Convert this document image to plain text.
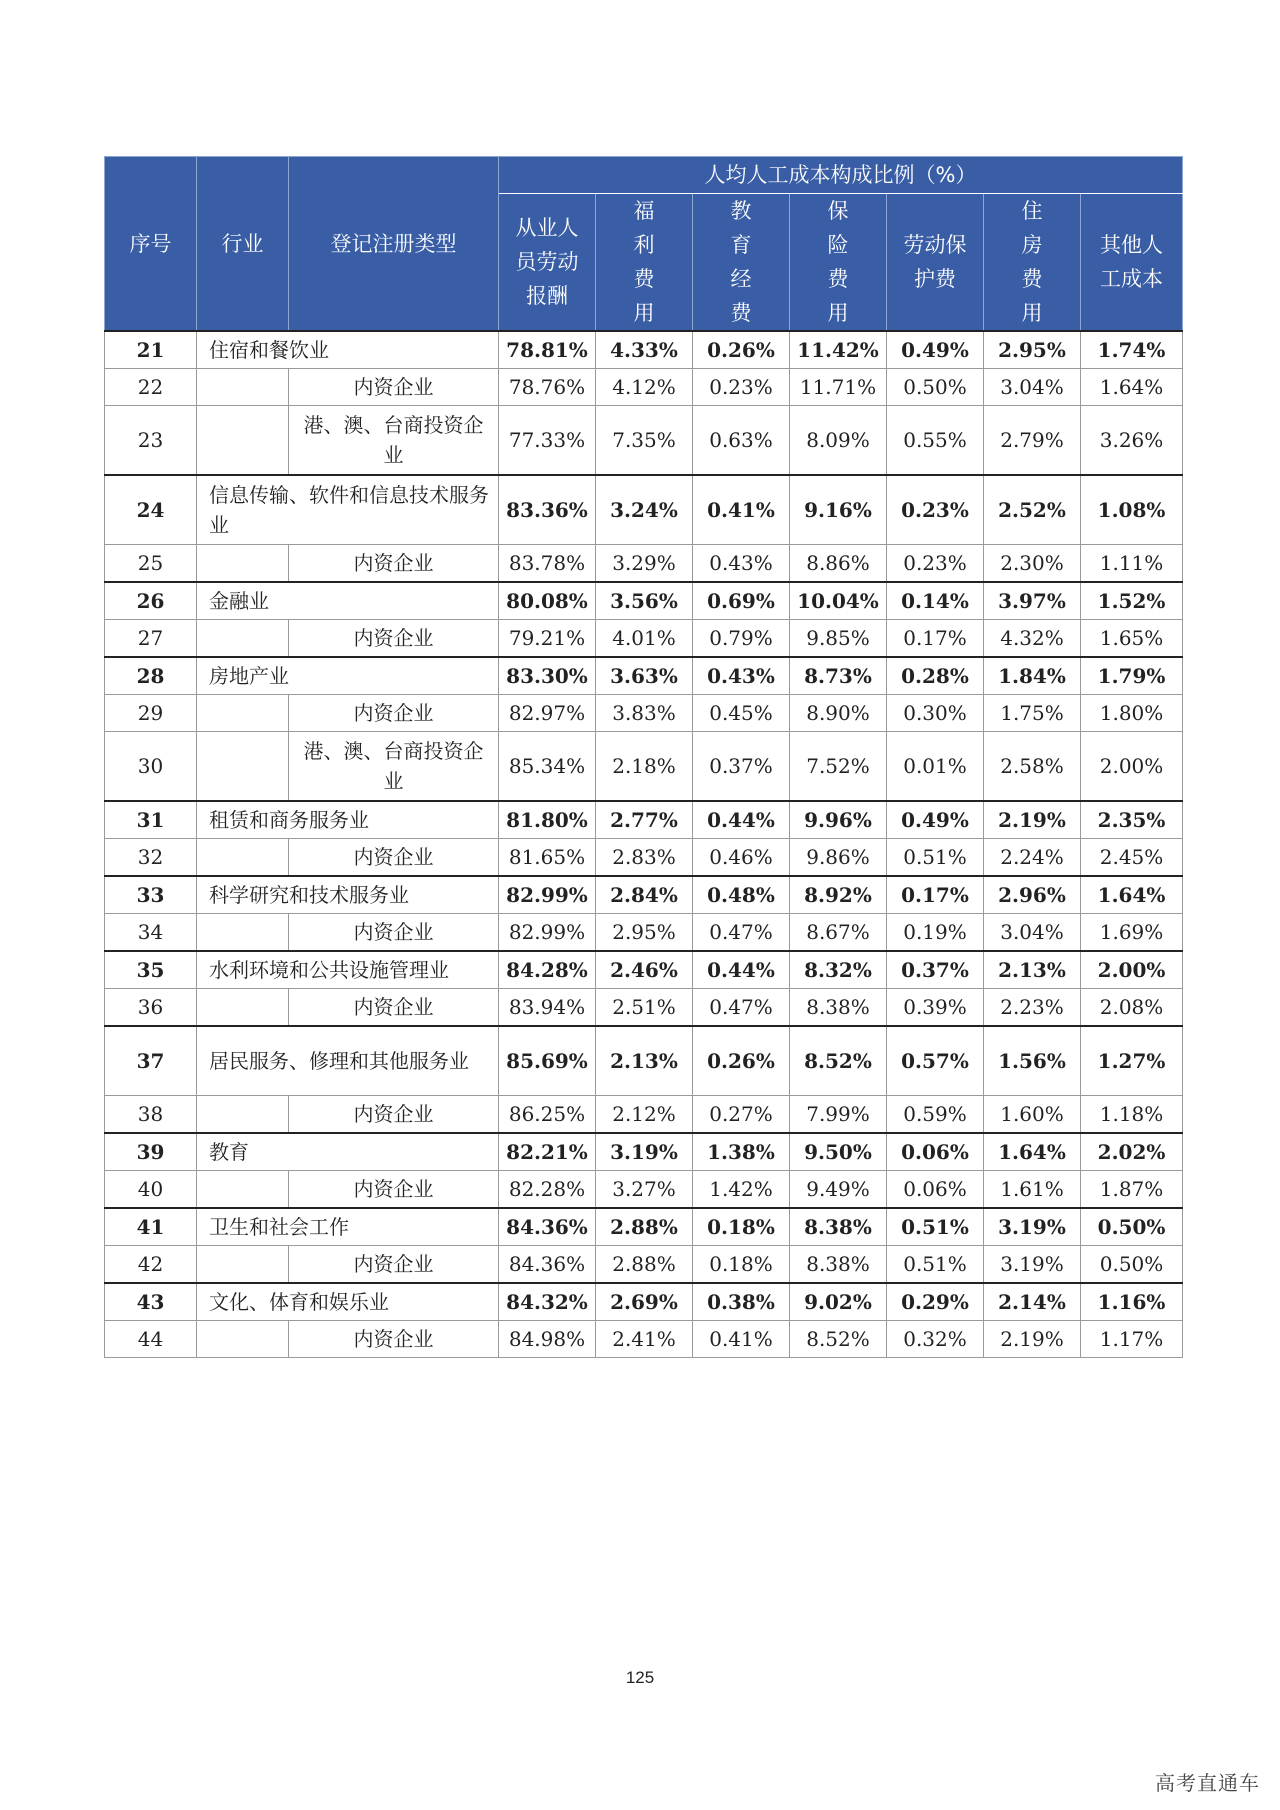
序号	行业	登记注册类型	人均人工成本构成比例（%）						
			从业人员劳动报酬	福利费用	教育经费	保险费用	劳动保护费	住房费用	其他人工成本
21	住宿和餐饮业		78.81%	4.33%	0.26%	11.42%	0.49%	2.95%	1.74%
22		内资企业	78.76%	4.12%	0.23%	11.71%	0.50%	3.04%	1.64%
23		港、澳、台商投资企业	77.33%	7.35%	0.63%	8.09%	0.55%	2.79%	3.26%
24	信息传输、软件和信息技术服务业		83.36%	3.24%	0.41%	9.16%	0.23%	2.52%	1.08%
25		内资企业	83.78%	3.29%	0.43%	8.86%	0.23%	2.30%	1.11%
26	金融业		80.08%	3.56%	0.69%	10.04%	0.14%	3.97%	1.52%
27		内资企业	79.21%	4.01%	0.79%	9.85%	0.17%	4.32%	1.65%
28	房地产业		83.30%	3.63%	0.43%	8.73%	0.28%	1.84%	1.79%
29		内资企业	82.97%	3.83%	0.45%	8.90%	0.30%	1.75%	1.80%
30		港、澳、台商投资企业	85.34%	2.18%	0.37%	7.52%	0.01%	2.58%	2.00%
31	租赁和商务服务业		81.80%	2.77%	0.44%	9.96%	0.49%	2.19%	2.35%
32		内资企业	81.65%	2.83%	0.46%	9.86%	0.51%	2.24%	2.45%
33	科学研究和技术服务业		82.99%	2.84%	0.48%	8.92%	0.17%	2.96%	1.64%
34		内资企业	82.99%	2.95%	0.47%	8.67%	0.19%	3.04%	1.69%
35	水利环境和公共设施管理业		84.28%	2.46%	0.44%	8.32%	0.37%	2.13%	2.00%
36		内资企业	83.94%	2.51%	0.47%	8.38%	0.39%	2.23%	2.08%
37	居民服务、修理和其他服务业		85.69%	2.13%	0.26%	8.52%	0.57%	1.56%	1.27%
38		内资企业	86.25%	2.12%	0.27%	7.99%	0.59%	1.60%	1.18%
39	教育		82.21%	3.19%	1.38%	9.50%	0.06%	1.64%	2.02%
40		内资企业	82.28%	3.27%	1.42%	9.49%	0.06%	1.61%	1.87%
41	卫生和社会工作		84.36%	2.88%	0.18%	8.38%	0.51%	3.19%	0.50%
42		内资企业	84.36%	2.88%	0.18%	8.38%	0.51%	3.19%	0.50%
43	文化、体育和娱乐业		84.32%	2.69%	0.38%	9.02%	0.29%	2.14%	1.16%
44		内资企业	84.98%	2.41%	0.41%	8.52%	0.32%	2.19%	1.17%
125
高考直通车
